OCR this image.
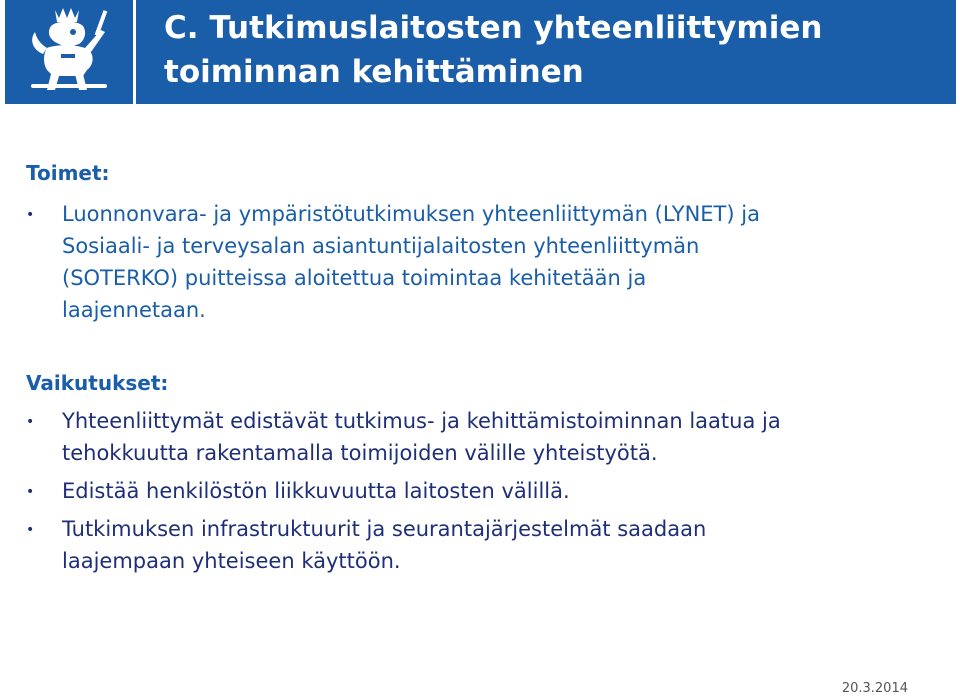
C. Tutkimuslaitosten yhteenliittymien
toiminnan kehittäminen
Toimet:
• Luonnonvara- ja ympäristötutkimuksen yhteenliittymän (LYNET) ja Sosiaali- ja terveysalan asiantuntijalaitosten yhteenliittymän (SOTERKO) puitteissa aloitettua toimintaa kehitetään ja laajennetaan.
Vaikutukset:
• Yhteenliittymät edistävät tutkimus- ja kehittämistoiminnan laatua ja tehokkuutta rakentamalla toimijoiden välille yhteistyötä.
• Edistää henkilöstön liikkuvuutta laitosten välillä.
• Tutkimuksen infrastruktuurit ja seurantajärjestelmät saadaan laajempaan yhteiseen käyttöön.
20.3.2014
